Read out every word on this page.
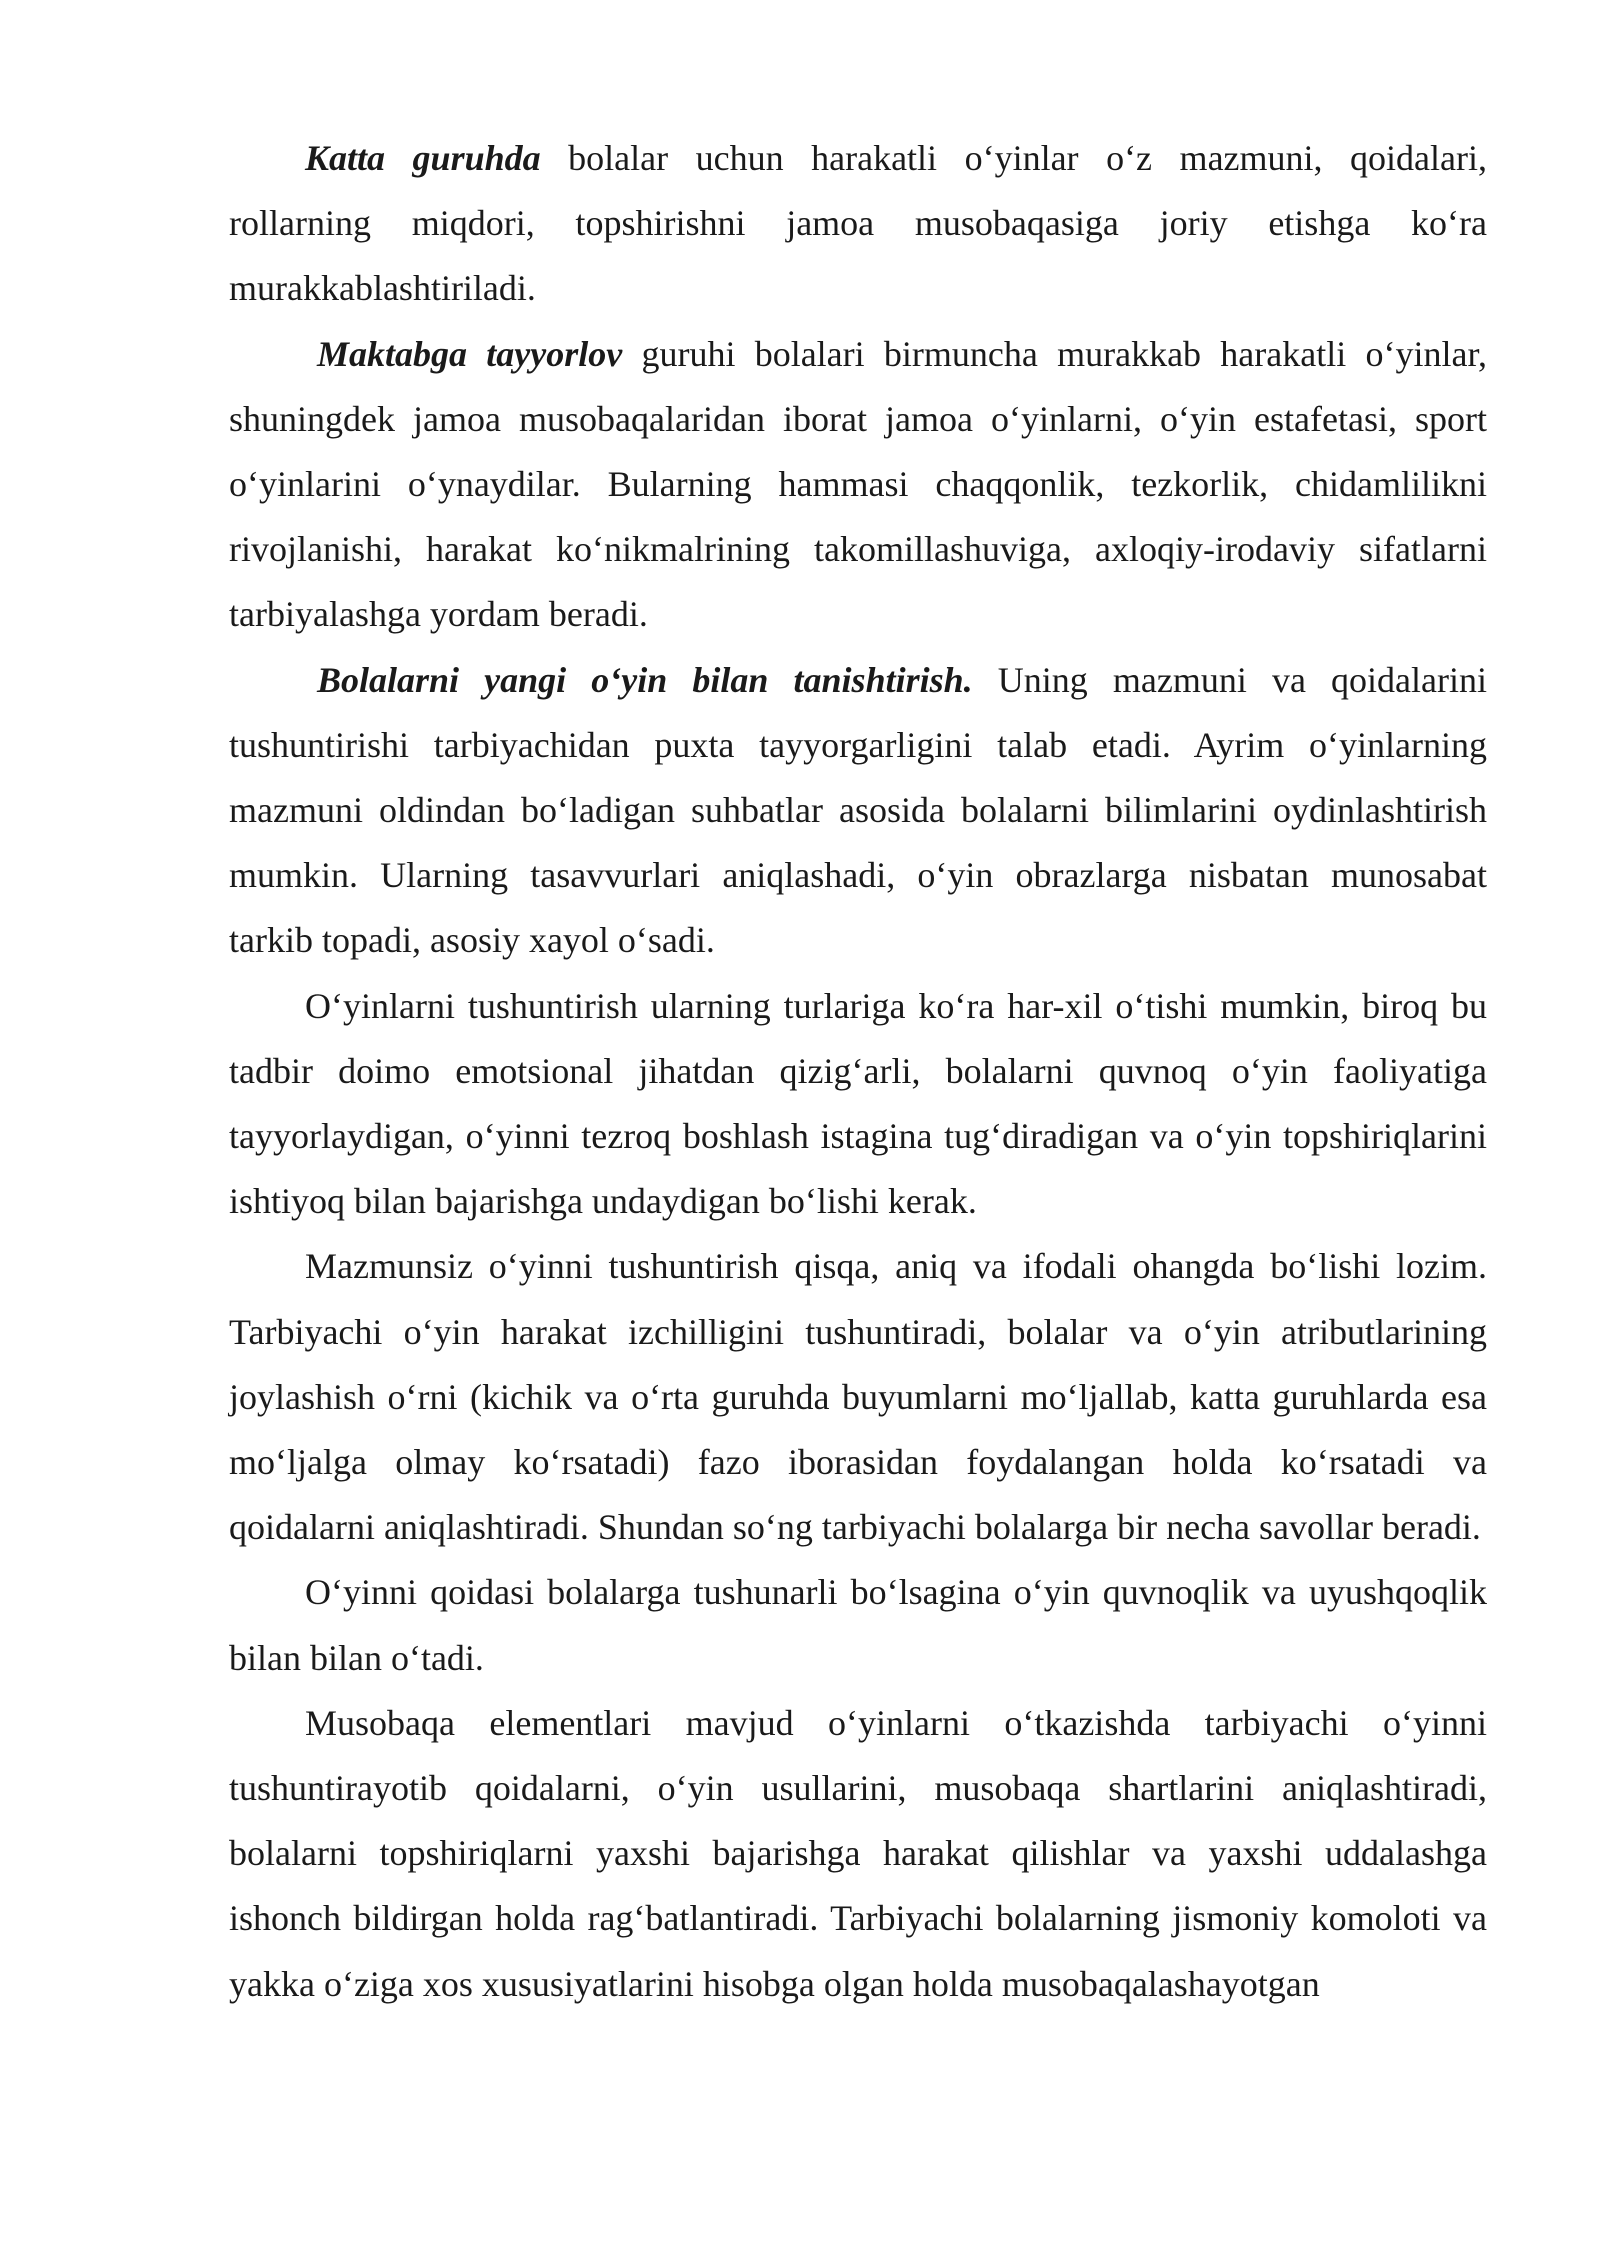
Katta guruhda bolalar uchun harakatli o‘yinlar o‘z mazmuni, qoidalari, rollarning miqdori, topshirishni jamoa musobaqasiga joriy etishga ko‘ra murakkablashtiriladi.

Maktabga tayyorlov guruhi bolalari birmuncha murakkab harakatli o‘yinlar, shuningdek jamoa musobaqalaridan iborat jamoa o‘yinlarni, o‘yin estafetasi, sport o‘yinlarini o‘ynaydilar. Bularning hammasi chaqqonlik, tezkorlik, chidamlilikni rivojlanishi, harakat ko‘nikmalrining takomillashuviga, axloqiy-irodaviy sifatlarni tarbiyalashga yordam beradi.

Bolalarni yangi o‘yin bilan tanishtirish. Uning mazmuni va qoidalarini tushuntirishi tarbiyachidan puxta tayyorgarligini talab etadi. Ayrim o‘yinlarning mazmuni oldindan bo‘ladigan suhbatlar asosida bolalarni bilimlarini oydinlashtirish mumkin. Ularning tasavvurlari aniqlashadi, o‘yin obrazlarga nisbatan munosabat tarkib topadi, asosiy xayol o‘sadi.

O‘yinlarni tushuntirish ularning turlariga ko‘ra har-xil o‘tishi mumkin, biroq bu tadbir doimo emotsional jihatdan qizig‘arli, bolalarni quvnoq o‘yin faoliyatiga tayyorlaydigan, o‘yinni tezroq boshlash istagina tug‘diradigan va o‘yin topshiriqlarini ishtiyoq bilan bajarishga undaydigan bo‘lishi kerak.

Mazmunsiz o‘yinni tushuntirish qisqa, aniq va ifodali ohangda bo‘lishi lozim. Tarbiyachi o‘yin harakat izchilligini tushuntiradi, bolalar va o‘yin atributlarining joylashish o‘rni (kichik va o‘rta guruhda buyumlarni mo‘ljallab, katta guruhlarda esa mo‘ljalga olmay ko‘rsatadi) fazo iborasidan foydalangan holda ko‘rsatadi va qoidalarni aniqlashtiradi. Shundan so‘ng tarbiyachi bolalarga bir necha savollar beradi.

O‘yinni qoidasi bolalarga tushunarli bo‘lsagina o‘yin quvnoqlik va uyushqoqlik bilan bilan o‘tadi.

Musobaqa elementlari mavjud o‘yinlarni o‘tkazishda tarbiyachi o‘yinni tushuntirayotib qoidalarni, o‘yin usullarini, musobaqa shartlarini aniqlashtiradi, bolalarni topshiriqlarni yaxshi bajarishga harakat qilishlar va yaxshi uddalashga ishonch bildirgan holda rag‘batlantiradi. Tarbiyachi bolalarning jismoniy komoloti va yakka o‘ziga xos xususiyatlarini hisobga olgan holda musobaqalashayotgan
